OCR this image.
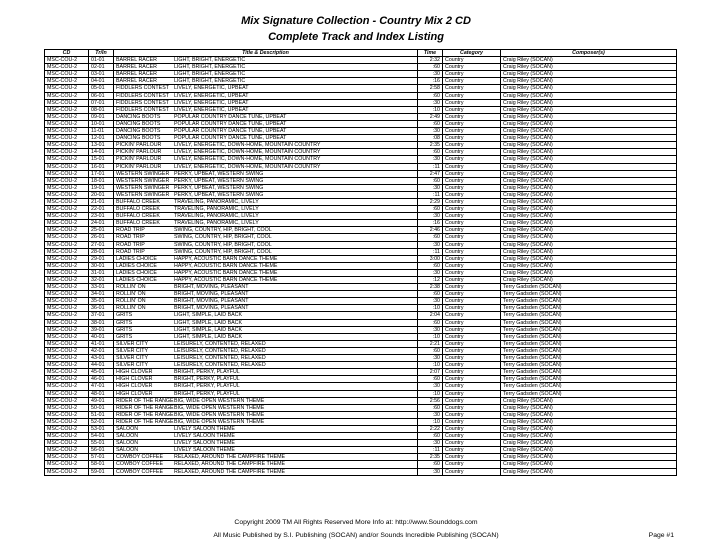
Mix Signature Collection - Country Mix 2 CD
Complete Track and Index Listing
CD	Tr/In	Title & Description	Time	Category	Composer(s)
MSC-COU-2	01-01	BARREL RACER LIGHT, BRIGHT, ENERGETIC	2:32	Country	Craig Riley (SOCAN)
MSC-COU-2	02-01	BARREL RACER LIGHT, BRIGHT, ENERGETIC	:60	Country	Craig Riley (SOCAN)
MSC-COU-2	03-01	BARREL RACER LIGHT, BRIGHT, ENERGETIC	:30	Country	Craig Riley (SOCAN)
MSC-COU-2	04-01	BARREL RACER LIGHT, BRIGHT, ENERGETIC	:16	Country	Craig Riley (SOCAN)
MSC-COU-2	05-01	FIDDLERS CONTEST LIVELY, ENERGETIC, UPBEAT	2:58	Country	Craig Riley (SOCAN)
MSC-COU-2	06-01	FIDDLERS CONTEST LIVELY, ENERGETIC, UPBEAT	:60	Country	Craig Riley (SOCAN)
MSC-COU-2	07-01	FIDDLERS CONTEST LIVELY, ENERGETIC, UPBEAT	:30	Country	Craig Riley (SOCAN)
MSC-COU-2	08-01	FIDDLERS CONTEST LIVELY, ENERGETIC, UPBEAT	:10	Country	Craig Riley (SOCAN)
MSC-COU-2	09-01	DANCING BOOTS POPULAR COUNTRY DANCE TUNE, UPBEAT	2:49	Country	Craig Riley (SOCAN)
MSC-COU-2	10-01	DANCING BOOTS POPULAR COUNTRY DANCE TUNE, UPBEAT	:60	Country	Craig Riley (SOCAN)
MSC-COU-2	11-01	DANCING BOOTS POPULAR COUNTRY DANCE TUNE, UPBEAT	:30	Country	Craig Riley (SOCAN)
MSC-COU-2	12-01	DANCING BOOTS POPULAR COUNTRY DANCE TUNE, UPBEAT	:08	Country	Craig Riley (SOCAN)
MSC-COU-2	13-01	PICKIN' PARLOUR LIVELY, ENERGETIC, DOWN-HOME, MOUNTAIN COUNTRY	2:35	Country	Craig Riley (SOCAN)
MSC-COU-2	14-01	PICKIN' PARLOUR LIVELY, ENERGETIC, DOWN-HOME, MOUNTAIN COUNTRY	:60	Country	Craig Riley (SOCAN)
MSC-COU-2	15-01	PICKIN' PARLOUR LIVELY, ENERGETIC, DOWN-HOME, MOUNTAIN COUNTRY	:30	Country	Craig Riley (SOCAN)
MSC-COU-2	16-01	PICKIN' PARLOUR LIVELY, ENERGETIC, DOWN-HOME, MOUNTAIN COUNTRY	:11	Country	Craig Riley (SOCAN)
MSC-COU-2	17-01	WESTERN SWINGER PERKY, UPBEAT, WESTERN SWING	2:47	Country	Craig Riley (SOCAN)
MSC-COU-2	18-01	WESTERN SWINGER PERKY, UPBEAT, WESTERN SWING	:60	Country	Craig Riley (SOCAN)
MSC-COU-2	19-01	WESTERN SWINGER PERKY, UPBEAT, WESTERN SWING	:30	Country	Craig Riley (SOCAN)
MSC-COU-2	20-01	WESTERN SWINGER PERKY, UPBEAT, WESTERN SWING	:11	Country	Craig Riley (SOCAN)
MSC-COU-2	21-01	BUFFALO CREEK TRAVELING, PANORAMIC, LIVELY	2:29	Country	Craig Riley (SOCAN)
MSC-COU-2	22-01	BUFFALO CREEK TRAVELING, PANORAMIC, LIVELY	:60	Country	Craig Riley (SOCAN)
MSC-COU-2	23-01	BUFFALO CREEK TRAVELING, PANORAMIC, LIVELY	:30	Country	Craig Riley (SOCAN)
MSC-COU-2	24-01	BUFFALO CREEK TRAVELING, PANORAMIC, LIVELY	:16	Country	Craig Riley (SOCAN)
MSC-COU-2	25-01	ROAD TRIP SWING, COUNTRY, HIP, BRIGHT, COOL	2:46	Country	Craig Riley (SOCAN)
MSC-COU-2	26-01	ROAD TRIP SWING, COUNTRY, HIP, BRIGHT, COOL	:60	Country	Craig Riley (SOCAN)
MSC-COU-2	27-01	ROAD TRIP SWING, COUNTRY, HIP, BRIGHT, COOL	:30	Country	Craig Riley (SOCAN)
MSC-COU-2	28-01	ROAD TRIP SWING, COUNTRY, HIP, BRIGHT, COOL	:11	Country	Craig Riley (SOCAN)
MSC-COU-2	29-01	LADIES CHOICE HAPPY, ACOUSTIC BARN DANCE THEME	3:00	Country	Craig Riley (SOCAN)
MSC-COU-2	30-01	LADIES CHOICE HAPPY, ACOUSTIC BARN DANCE THEME	:60	Country	Craig Riley (SOCAN)
MSC-COU-2	31-01	LADIES CHOICE HAPPY, ACOUSTIC BARN DANCE THEME	:30	Country	Craig Riley (SOCAN)
MSC-COU-2	32-01	LADIES CHOICE HAPPY, ACOUSTIC BARN DANCE THEME	:12	Country	Craig Riley (SOCAN)
MSC-COU-2	33-01	ROLLIN' ON BRIGHT, MOVING, PLEASANT	2:38	Country	Terry Gadsden (SOCAN)
MSC-COU-2	34-01	ROLLIN' ON BRIGHT, MOVING, PLEASANT	:60	Country	Terry Gadsden (SOCAN)
MSC-COU-2	35-01	ROLLIN' ON BRIGHT, MOVING, PLEASANT	:30	Country	Terry Gadsden (SOCAN)
MSC-COU-2	36-01	ROLLIN' ON BRIGHT, MOVING, PLEASANT	:10	Country	Terry Gadsden (SOCAN)
MSC-COU-2	37-01	GRITS LIGHT, SIMPLE, LAID BACK	2:04	Country	Terry Gadsden (SOCAN)
MSC-COU-2	38-01	GRITS LIGHT, SIMPLE, LAID BACK	:60	Country	Terry Gadsden (SOCAN)
MSC-COU-2	39-01	GRITS LIGHT, SIMPLE, LAID BACK	:30	Country	Terry Gadsden (SOCAN)
MSC-COU-2	40-01	GRITS LIGHT, SIMPLE, LAID BACK	:10	Country	Terry Gadsden (SOCAN)
MSC-COU-2	41-01	SILVER CITY LEISURELY, CONTENTED, RELAXED	2:21	Country	Terry Gadsden (SOCAN)
MSC-COU-2	42-01	SILVER CITY LEISURELY, CONTENTED, RELAXED	:60	Country	Terry Gadsden (SOCAN)
MSC-COU-2	43-01	SILVER CITY LEISURELY, CONTENTED, RELAXED	:30	Country	Terry Gadsden (SOCAN)
MSC-COU-2	44-01	SILVER CITY LEISURELY, CONTENTED, RELAXED	:10	Country	Terry Gadsden (SOCAN)
MSC-COU-2	45-01	HIGH CLOVER BRIGHT, PERKY, PLAYFUL	2:07	Country	Terry Gadsden (SOCAN)
MSC-COU-2	46-01	HIGH CLOVER BRIGHT, PERKY, PLAYFUL	:60	Country	Terry Gadsden (SOCAN)
MSC-COU-2	47-01	HIGH CLOVER BRIGHT, PERKY, PLAYFUL	:30	Country	Terry Gadsden (SOCAN)
MSC-COU-2	48-01	HIGH CLOVER BRIGHT, PERKY, PLAYFUL	:10	Country	Terry Gadsden (SOCAN)
MSC-COU-2	49-01	RIDER OF THE RANGEBIG, WIDE OPEN WESTERN THEME	2:56	Country	Craig Riley (SOCAN)
MSC-COU-2	50-01	RIDER OF THE RANGEBIG, WIDE OPEN WESTERN THEME	:60	Country	Craig Riley (SOCAN)
MSC-COU-2	51-01	RIDER OF THE RANGEBIG, WIDE OPEN WESTERN THEME	:30	Country	Craig Riley (SOCAN)
MSC-COU-2	52-01	RIDER OF THE RANGEBIG, WIDE OPEN WESTERN THEME	:10	Country	Craig Riley (SOCAN)
MSC-COU-2	53-01	SALOON LIVELY SALOON THEME	2:22	Country	Craig Riley (SOCAN)
MSC-COU-2	54-01	SALOON LIVELY SALOON THEME	:60	Country	Craig Riley (SOCAN)
MSC-COU-2	55-01	SALOON LIVELY SALOON THEME	:30	Country	Craig Riley (SOCAN)
MSC-COU-2	56-01	SALOON LIVELY SALOON THEME	:11	Country	Craig Riley (SOCAN)
MSC-COU-2	57-01	COWBOY COFFEE RELAXED, AROUND THE CAMPFIRE THEME	2:35	Country	Craig Riley (SOCAN)
MSC-COU-2	58-01	COWBOY COFFEE RELAXED, AROUND THE CAMPFIRE THEME	:60	Country	Craig Riley (SOCAN)
MSC-COU-2	59-01	COWBOY COFFEE RELAXED, AROUND THE CAMPFIRE THEME	:30	Country	Craig Riley (SOCAN)
Copyright 2009 TM All Rights Reserved More Info at: http://www.Sounddogs.com
All Music Published by S.I. Publishing (SOCAN) and/or Sounds Incredible Publishing (SOCAN)	Page #1
